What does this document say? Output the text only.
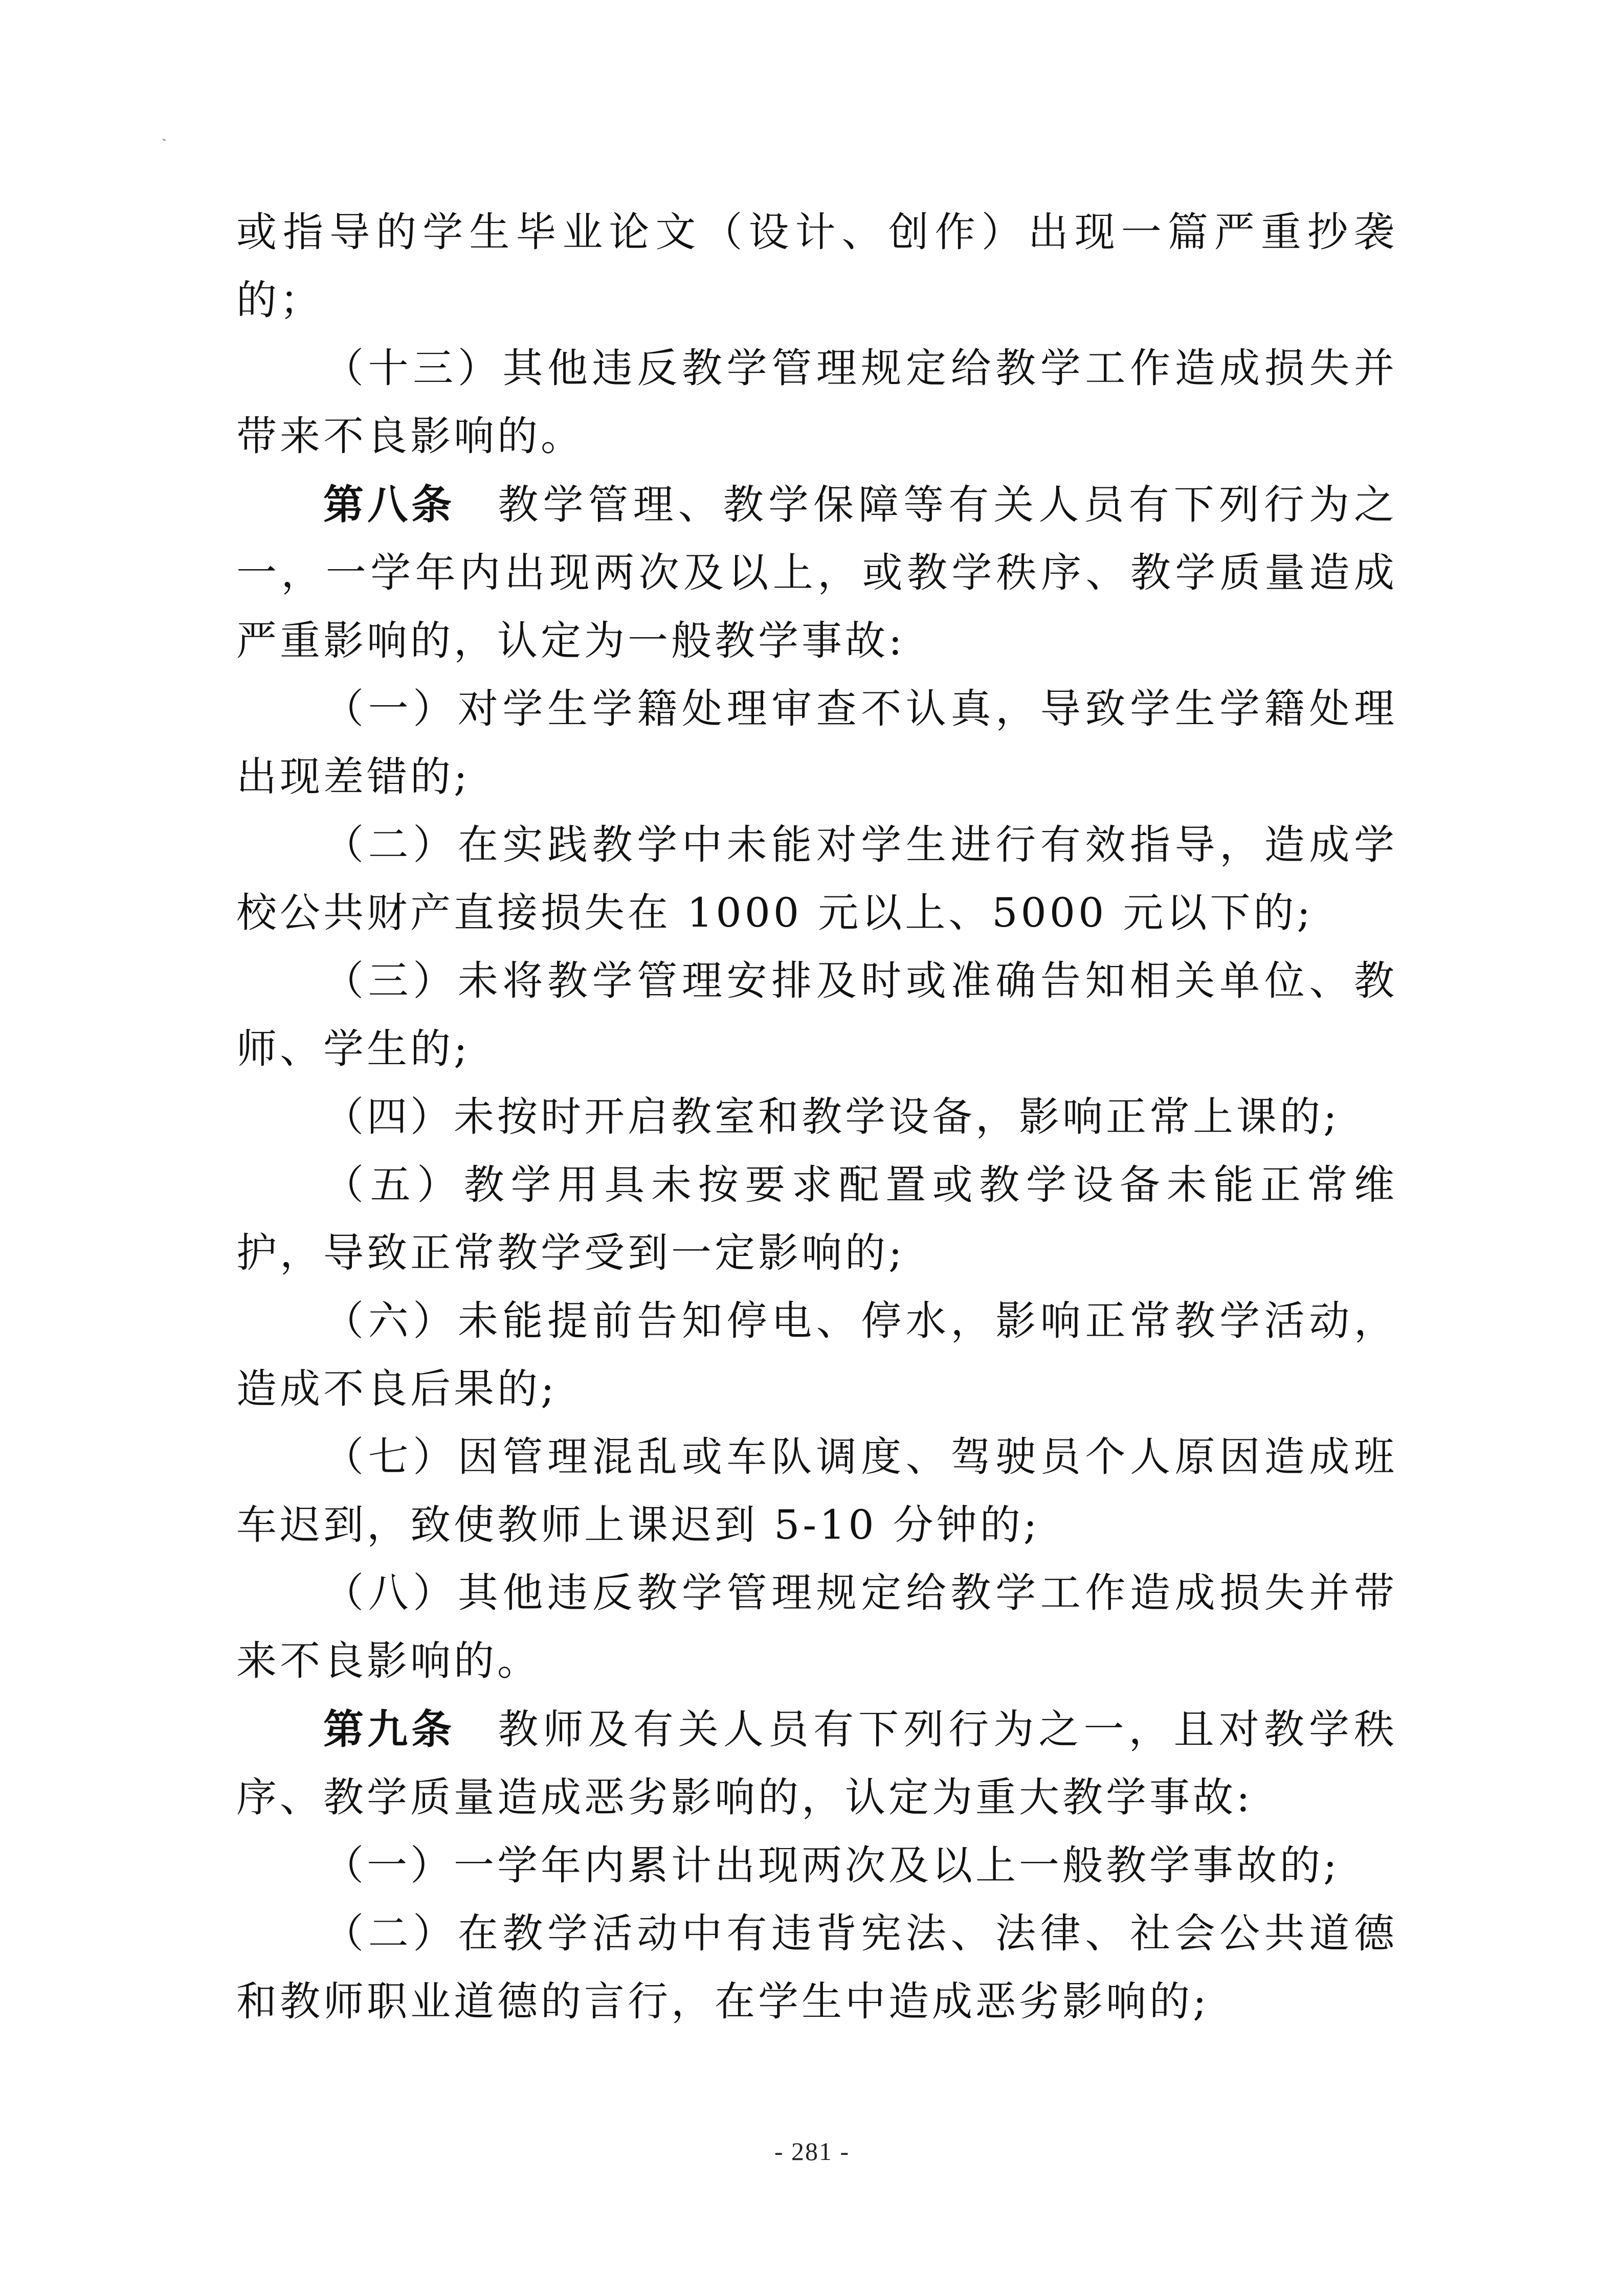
或指导的学生毕业论文（设计、创作）出现一篇严重抄袭的；

（十三）其他违反教学管理规定给教学工作造成损失并带来不良影响的。

第八条 教学管理、教学保障等有关人员有下列行为之一，一学年内出现两次及以上，或教学秩序、教学质量造成严重影响的，认定为一般教学事故:

（一）对学生学籍处理审查不认真，导致学生学籍处理出现差错的;

（二）在实践教学中未能对学生进行有效指导，造成学校公共财产直接损失在 1000 元以上、5000 元以下的;

（三）未将教学管理安排及时或准确告知相关单位、教师、学生的;

（四）未按时开启教室和教学设备，影响正常上课的;

（五）教学用具未按要求配置或教学设备未能正常维护，导致正常教学受到一定影响的;

（六）未能提前告知停电、停水，影响正常教学活动，造成不良后果的;

（七）因管理混乱或车队调度、驾驶员个人原因造成班车迟到，致使教师上课迟到 5-10 分钟的;

（八）其他违反教学管理规定给教学工作造成损失并带来不良影响的。

第九条 教师及有关人员有下列行为之一，且对教学秩序、教学质量造成恶劣影响的，认定为重大教学事故:

（一）一学年内累计出现两次及以上一般教学事故的;

（二）在教学活动中有违背宪法、法律、社会公共道德和教师职业道德的言行，在学生中造成恶劣影响的;

- 281 -
